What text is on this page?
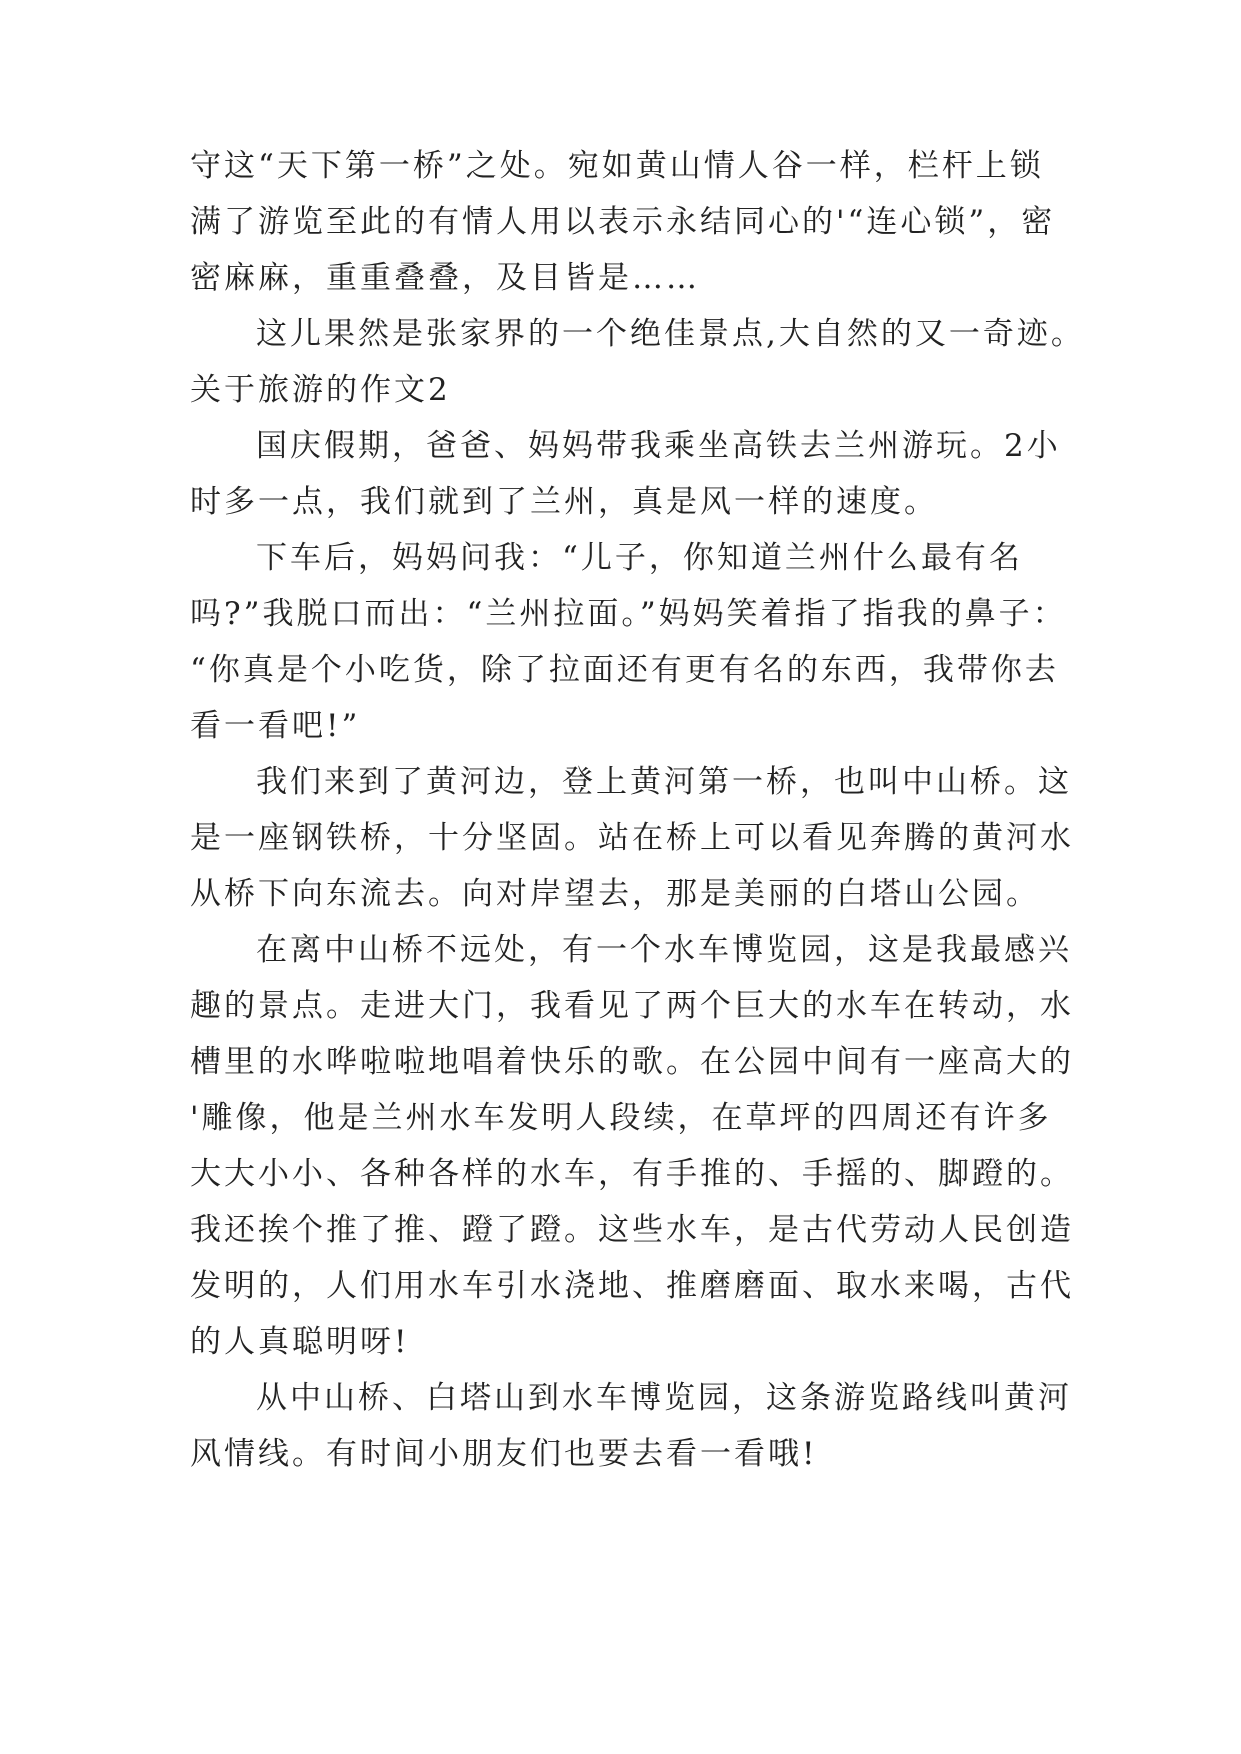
守这“天下第一桥”之处。宛如黄山情人谷一样，栏杆上锁
满了游览至此的有情人用以表示永结同心的'“连心锁”，密
密麻麻，重重叠叠，及目皆是……
这儿果然是张家界的一个绝佳景点,大自然的又一奇迹。
关于旅游的作文2
国庆假期，爸爸、妈妈带我乘坐高铁去兰州游玩。2小
时多一点，我们就到了兰州，真是风一样的速度。
下车后，妈妈问我：“儿子，你知道兰州什么最有名
吗?”我脱口而出：“兰州拉面。”妈妈笑着指了指我的鼻子：
“你真是个小吃货，除了拉面还有更有名的东西，我带你去
看一看吧!”
我们来到了黄河边，登上黄河第一桥，也叫中山桥。这
是一座钢铁桥，十分坚固。站在桥上可以看见奔腾的黄河水
从桥下向东流去。向对岸望去，那是美丽的白塔山公园。
在离中山桥不远处，有一个水车博览园，这是我最感兴
趣的景点。走进大门，我看见了两个巨大的水车在转动，水
槽里的水哗啦啦地唱着快乐的歌。在公园中间有一座高大的
'雕像，他是兰州水车发明人段续，在草坪的四周还有许多
大大小小、各种各样的水车，有手推的、手摇的、脚蹬的。
我还挨个推了推、蹬了蹬。这些水车，是古代劳动人民创造
发明的，人们用水车引水浇地、推磨磨面、取水来喝，古代
的人真聪明呀!
从中山桥、白塔山到水车博览园，这条游览路线叫黄河
风情线。有时间小朋友们也要去看一看哦!
